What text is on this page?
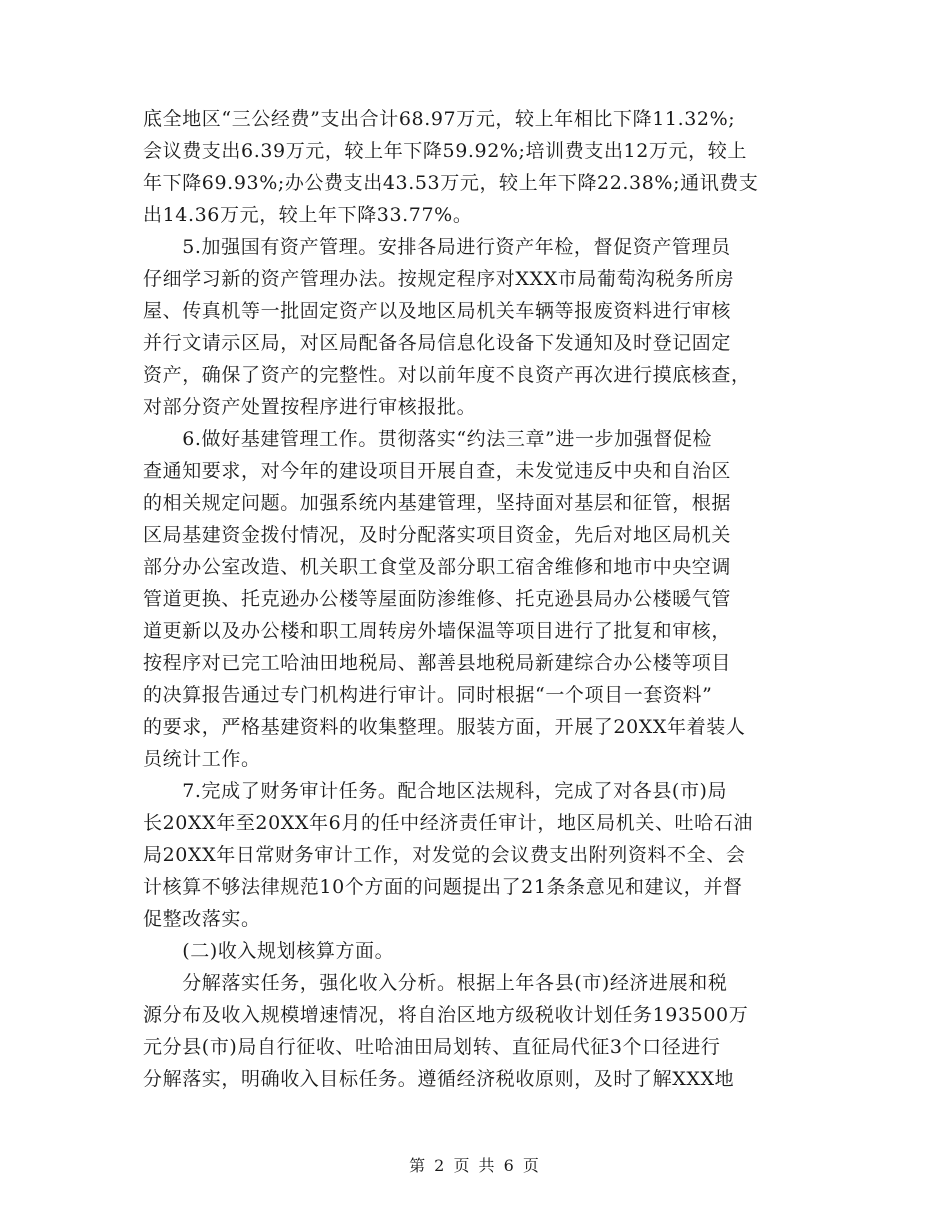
底全地区“三公经费”支出合计68.97万元，较上年相比下降11.32%;
会议费支出6.39万元，较上年下降59.92%;培训费支出12万元，较上
年下降69.93%;办公费支出43.53万元，较上年下降22.38%;通讯费支
出14.36万元，较上年下降33.77%。
　　5.加强国有资产管理。安排各局进行资产年检，督促资产管理员
仔细学习新的资产管理办法。按规定程序对XXX市局葡萄沟税务所房
屋、传真机等一批固定资产以及地区局机关车辆等报废资料进行审核
并行文请示区局，对区局配备各局信息化设备下发通知及时登记固定
资产，确保了资产的完整性。对以前年度不良资产再次进行摸底核查，
对部分资产处置按程序进行审核报批。
　　6.做好基建管理工作。贯彻落实“约法三章”进一步加强督促检
查通知要求，对今年的建设项目开展自查，未发觉违反中央和自治区
的相关规定问题。加强系统内基建管理，坚持面对基层和征管，根据
区局基建资金拨付情况，及时分配落实项目资金，先后对地区局机关
部分办公室改造、机关职工食堂及部分职工宿舍维修和地市中央空调
管道更换、托克逊办公楼等屋面防渗维修、托克逊县局办公楼暖气管
道更新以及办公楼和职工周转房外墙保温等项目进行了批复和审核，
按程序对已完工哈油田地税局、鄯善县地税局新建综合办公楼等项目
的决算报告通过专门机构进行审计。同时根据“一个项目一套资料”
的要求，严格基建资料的收集整理。服装方面，开展了20XX年着装人
员统计工作。
　　7.完成了财务审计任务。配合地区法规科，完成了对各县(市)局
长20XX年至20XX年6月的任中经济责任审计，地区局机关、吐哈石油
局20XX年日常财务审计工作，对发觉的会议费支出附列资料不全、会
计核算不够法律规范10个方面的问题提出了21条条意见和建议，并督
促整改落实。
　　(二)收入规划核算方面。
　　分解落实任务，强化收入分析。根据上年各县(市)经济进展和税
源分布及收入规模增速情况，将自治区地方级税收计划任务193500万
元分县(市)局自行征收、吐哈油田局划转、直征局代征3个口径进行
分解落实，明确收入目标任务。遵循经济税收原则，及时了解XXX地
第 2 页 共 6 页
